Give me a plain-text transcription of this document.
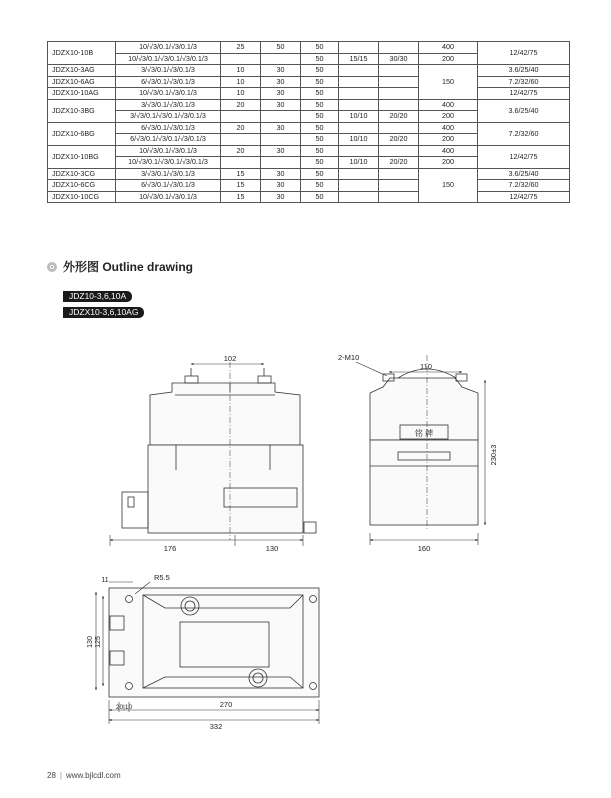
JDZX10-10B	10/√3/0.1/√3/0.1/3	25	50	50			400	12/42/75
	10/√3/0.1/√3/0.1/√3/0.1/3			50	15/15	30/30	200	
JDZX10-3AG	3/√3/0.1/√3/0.1/3	10	30	50			150	3.6/25/40
JDZX10-6AG	6/√3/0.1/√3/0.1/3	10	30	50				7.2/32/60
JDZX10-10AG	10/√3/0.1/√3/0.1/3	10	30	50				12/42/75
JDZX10-3BG	3/√3/0.1/√3/0.1/3	20	30	50			400	3.6/25/40
	3/√3/0.1/√3/0.1/√3/0.1/3			50	10/10	20/20	200	
JDZX10-6BG	6/√3/0.1/√3/0.1/3	20	30	50			400	7.2/32/60
	6/√3/0.1/√3/0.1/√3/0.1/3			50	10/10	20/20	200	
JDZX10-10BG	10/√3/0.1/√3/0.1/3	20	30	50			400	12/42/75
	10/√3/0.1/√3/0.1/√3/0.1/3			50	10/10	20/20	200	
JDZX10-3CG	3/√3/0.1/√3/0.1/3	15	30	50			150	3.6/25/40
JDZX10-6CG	6/√3/0.1/√3/0.1/3	15	30	50				7.2/32/60
JDZX10-10CG	10/√3/0.1/√3/0.1/3	15	30	50				12/42/75
外形图 Outline drawing
JDZ10-3,6,10A
JDZX10-3,6,10AG
102
176	130
铭 牌
2-M10
110
230±3
160
11	R5.5
130 125
20|10	270
332
28 | www.bjlcdl.com
